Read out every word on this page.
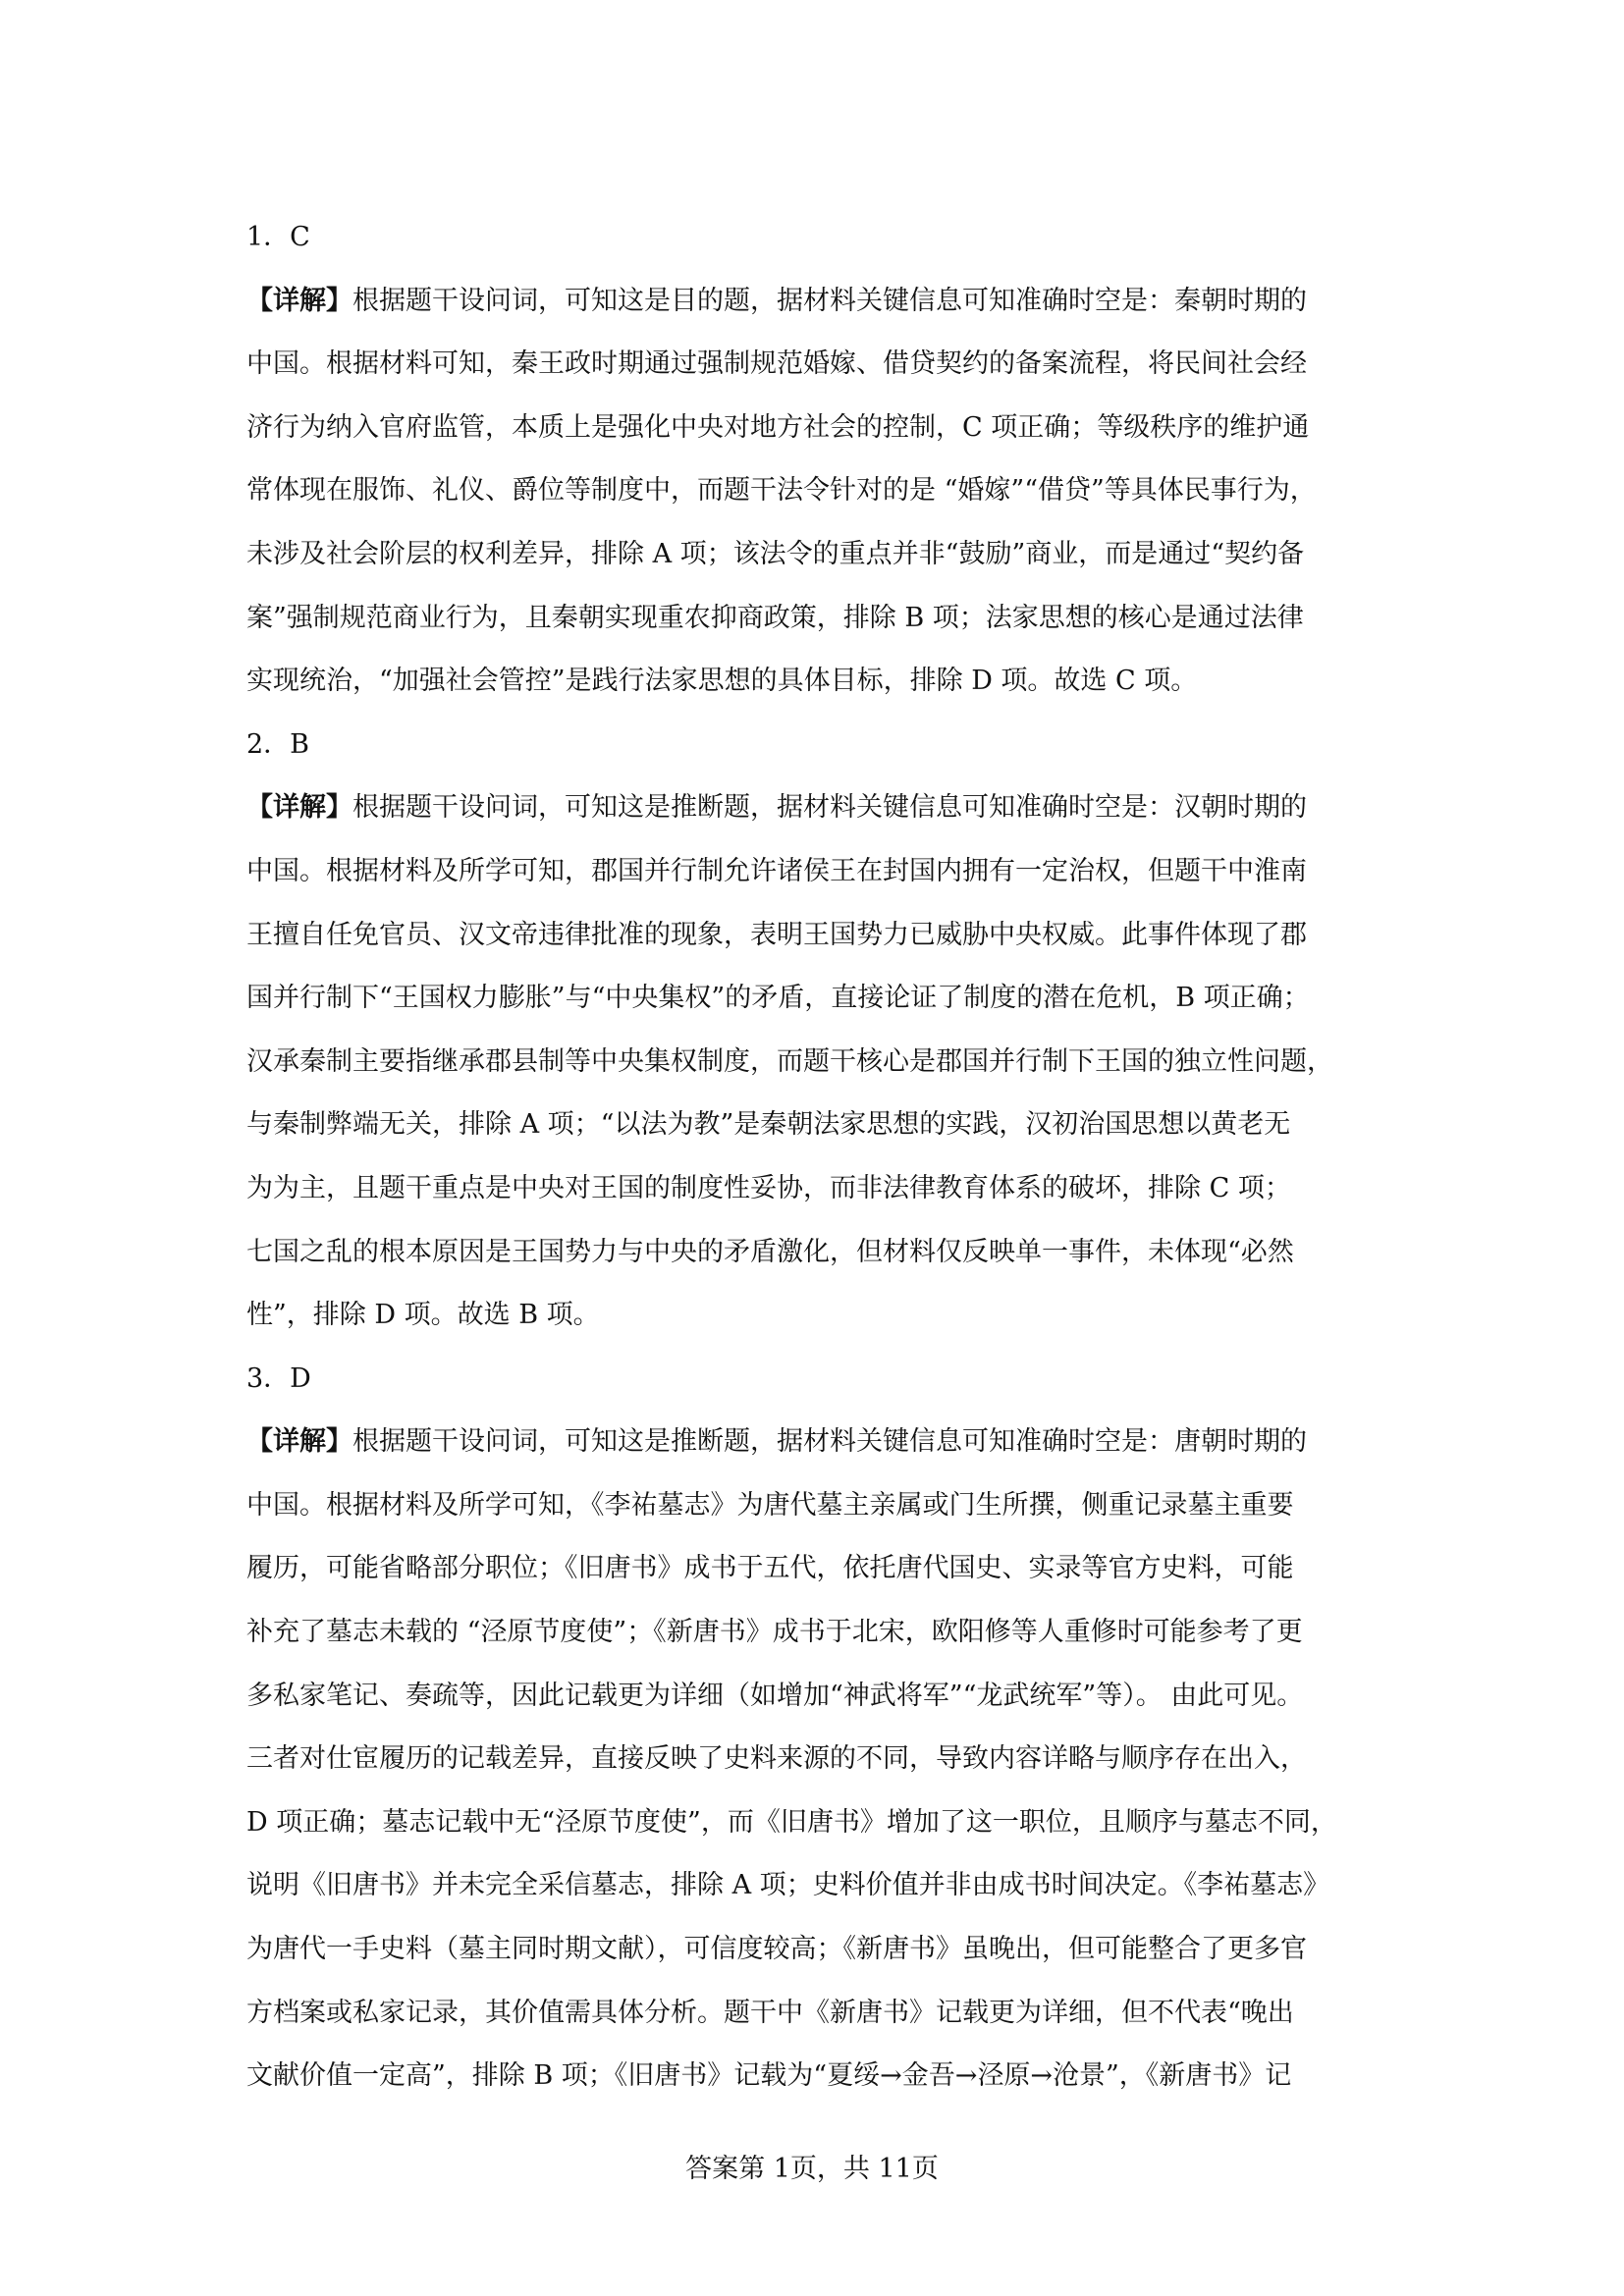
1．C
【详解】根据题干设问词，可知这是目的题，据材料关键信息可知准确时空是：秦朝时期的
中国。根据材料可知，秦王政时期通过强制规范婚嫁、借贷契约的备案流程，将民间社会经
济行为纳入官府监管，本质上是强化中央对地方社会的控制，C 项正确；等级秩序的维护通
常体现在服饰、礼仪、爵位等制度中，而题干法令针对的是 “婚嫁”“借贷”等具体民事行为，
未涉及社会阶层的权利差异，排除 A 项；该法令的重点并非“鼓励”商业，而是通过“契约备
案”强制规范商业行为，且秦朝实现重农抑商政策，排除 B 项；法家思想的核心是通过法律
实现统治，“加强社会管控”是践行法家思想的具体目标，排除 D 项。故选 C 项。
2．B
【详解】根据题干设问词，可知这是推断题，据材料关键信息可知准确时空是：汉朝时期的
中国。根据材料及所学可知，郡国并行制允许诸侯王在封国内拥有一定治权，但题干中淮南
王擅自任免官员、汉文帝违律批准的现象，表明王国势力已威胁中央权威。此事件体现了郡
国并行制下“王国权力膨胀”与“中央集权”的矛盾，直接论证了制度的潜在危机，B 项正确；
汉承秦制主要指继承郡县制等中央集权制度，而题干核心是郡国并行制下王国的独立性问题，
与秦制弊端无关，排除 A 项；“以法为教”是秦朝法家思想的实践，汉初治国思想以黄老无
为为主，且题干重点是中央对王国的制度性妥协，而非法律教育体系的破坏，排除 C 项；
七国之乱的根本原因是王国势力与中央的矛盾激化，但材料仅反映单一事件，未体现“必然
性”，排除 D 项。故选 B 项。
3．D
【详解】根据题干设问词，可知这是推断题，据材料关键信息可知准确时空是：唐朝时期的
中国。根据材料及所学可知，《李祐墓志》为唐代墓主亲属或门生所撰，侧重记录墓主重要
履历，可能省略部分职位；《旧唐书》成书于五代，依托唐代国史、实录等官方史料，可能
补充了墓志未载的 “泾原节度使”；《新唐书》成书于北宋，欧阳修等人重修时可能参考了更
多私家笔记、奏疏等，因此记载更为详细（如增加“神武将军”“龙武统军”等）。 由此可见。
三者对仕宦履历的记载差异，直接反映了史料来源的不同，导致内容详略与顺序存在出入，
D 项正确；墓志记载中无“泾原节度使”，而《旧唐书》增加了这一职位，且顺序与墓志不同，
说明《旧唐书》并未完全采信墓志，排除 A 项；史料价值并非由成书时间决定。《李祐墓志》
为唐代一手史料（墓主同时期文献），可信度较高；《新唐书》虽晚出，但可能整合了更多官
方档案或私家记录，其价值需具体分析。题干中《新唐书》记载更为详细，但不代表“晚出
文献价值一定高”，排除 B 项；《旧唐书》记载为“夏绥→金吾→泾原→沧景”，《新唐书》记
答案第 1页，共 11页
